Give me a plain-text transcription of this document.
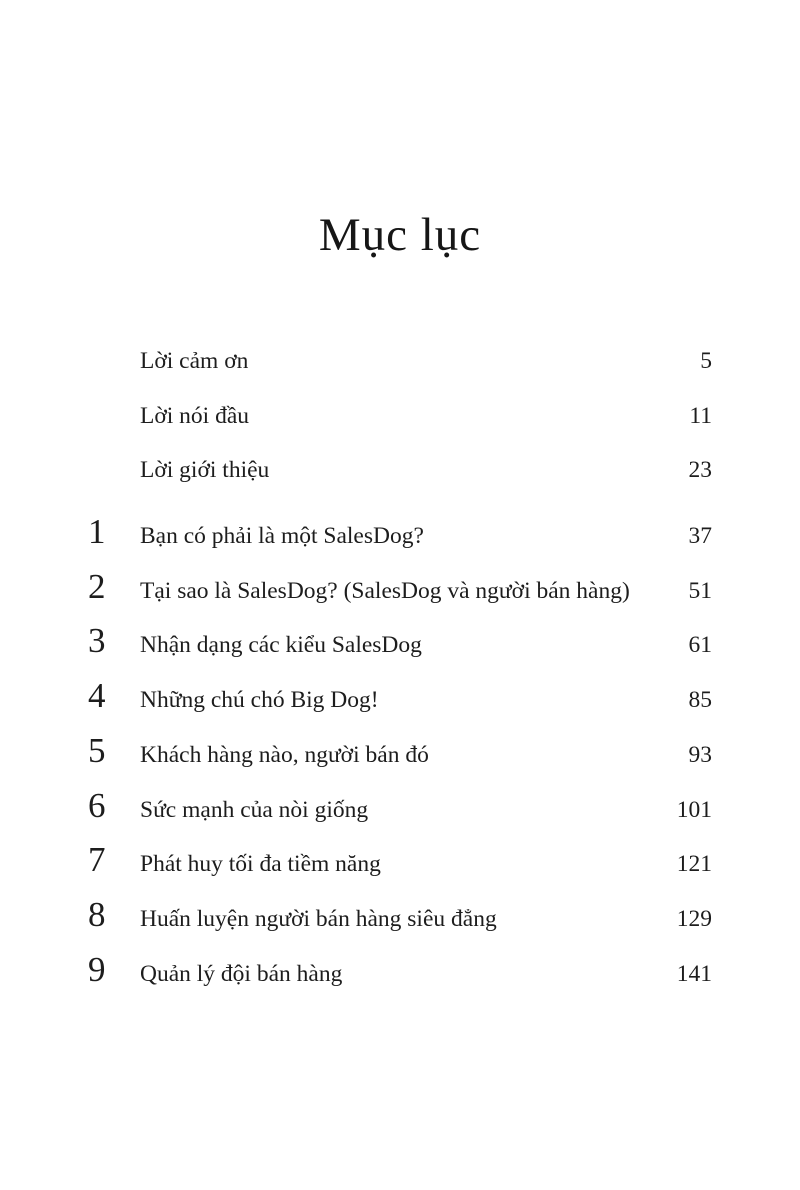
Mục lục
Lời cảm ơn	5
Lời nói đầu	11
Lời giới thiệu	23
1	Bạn có phải là một SalesDog?	37
2	Tại sao là SalesDog? (SalesDog và người bán hàng)	51
3	Nhận dạng các kiểu SalesDog	61
4	Những chú chó Big Dog!	85
5	Khách hàng nào, người bán đó	93
6	Sức mạnh của nòi giống	101
7	Phát huy tối đa tiềm năng	121
8	Huấn luyện người bán hàng siêu đẳng	129
9	Quản lý đội bán hàng	141
